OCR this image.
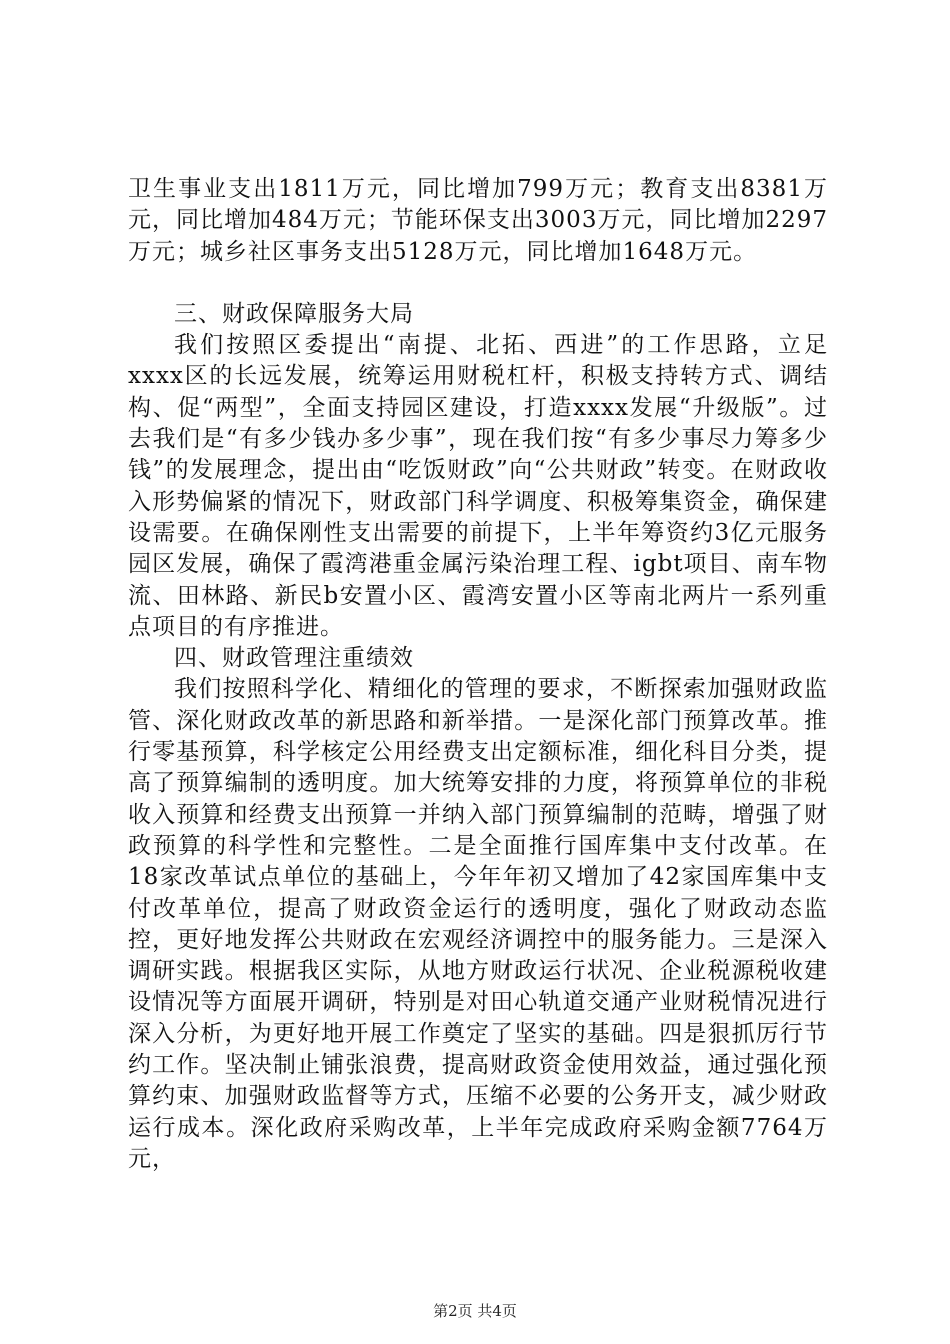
卫生事业支出1811万元，同比增加799万元；教育支出8381万元，同比增加484万元；节能环保支出3003万元，同比增加2297万元；城乡社区事务支出5128万元，同比增加1648万元。

三、财政保障服务大局

我们按照区委提出“南提、北拓、西进”的工作思路，立足xxxx区的长远发展，统筹运用财税杠杆，积极支持转方式、调结构、促“两型”，全面支持园区建设，打造xxxx发展“升级版”。过去我们是“有多少钱办多少事”，现在我们按“有多少事尽力筹多少钱”的发展理念，提出由“吃饭财政”向“公共财政”转变。在财政收入形势偏紧的情况下，财政部门科学调度、积极筹集资金，确保建设需要。在确保刚性支出需要的前提下，上半年筹资约3亿元服务园区发展，确保了霞湾港重金属污染治理工程、igbt项目、南车物流、田林路、新民b安置小区、霞湾安置小区等南北两片一系列重点项目的有序推进。

四、财政管理注重绩效

我们按照科学化、精细化的管理的要求，不断探索加强财政监管、深化财政改革的新思路和新举措。一是深化部门预算改革。推行零基预算，科学核定公用经费支出定额标准，细化科目分类，提高了预算编制的透明度。加大统筹安排的力度，将预算单位的非税收入预算和经费支出预算一并纳入部门预算编制的范畴，增强了财政预算的科学性和完整性。二是全面推行国库集中支付改革。在18家改革试点单位的基础上，今年年初又增加了42家国库集中支付改革单位，提高了财政资金运行的透明度，强化了财政动态监控，更好地发挥公共财政在宏观经济调控中的服务能力。三是深入调研实践。根据我区实际，从地方财政运行状况、企业税源税收建设情况等方面展开调研，特别是对田心轨道交通产业财税情况进行深入分析，为更好地开展工作奠定了坚实的基础。四是狠抓厉行节约工作。坚决制止铺张浪费，提高财政资金使用效益，通过强化预算约束、加强财政监督等方式，压缩不必要的公务开支，减少财政运行成本。深化政府采购改革，上半年完成政府采购金额7764万元，

第2页 共4页
